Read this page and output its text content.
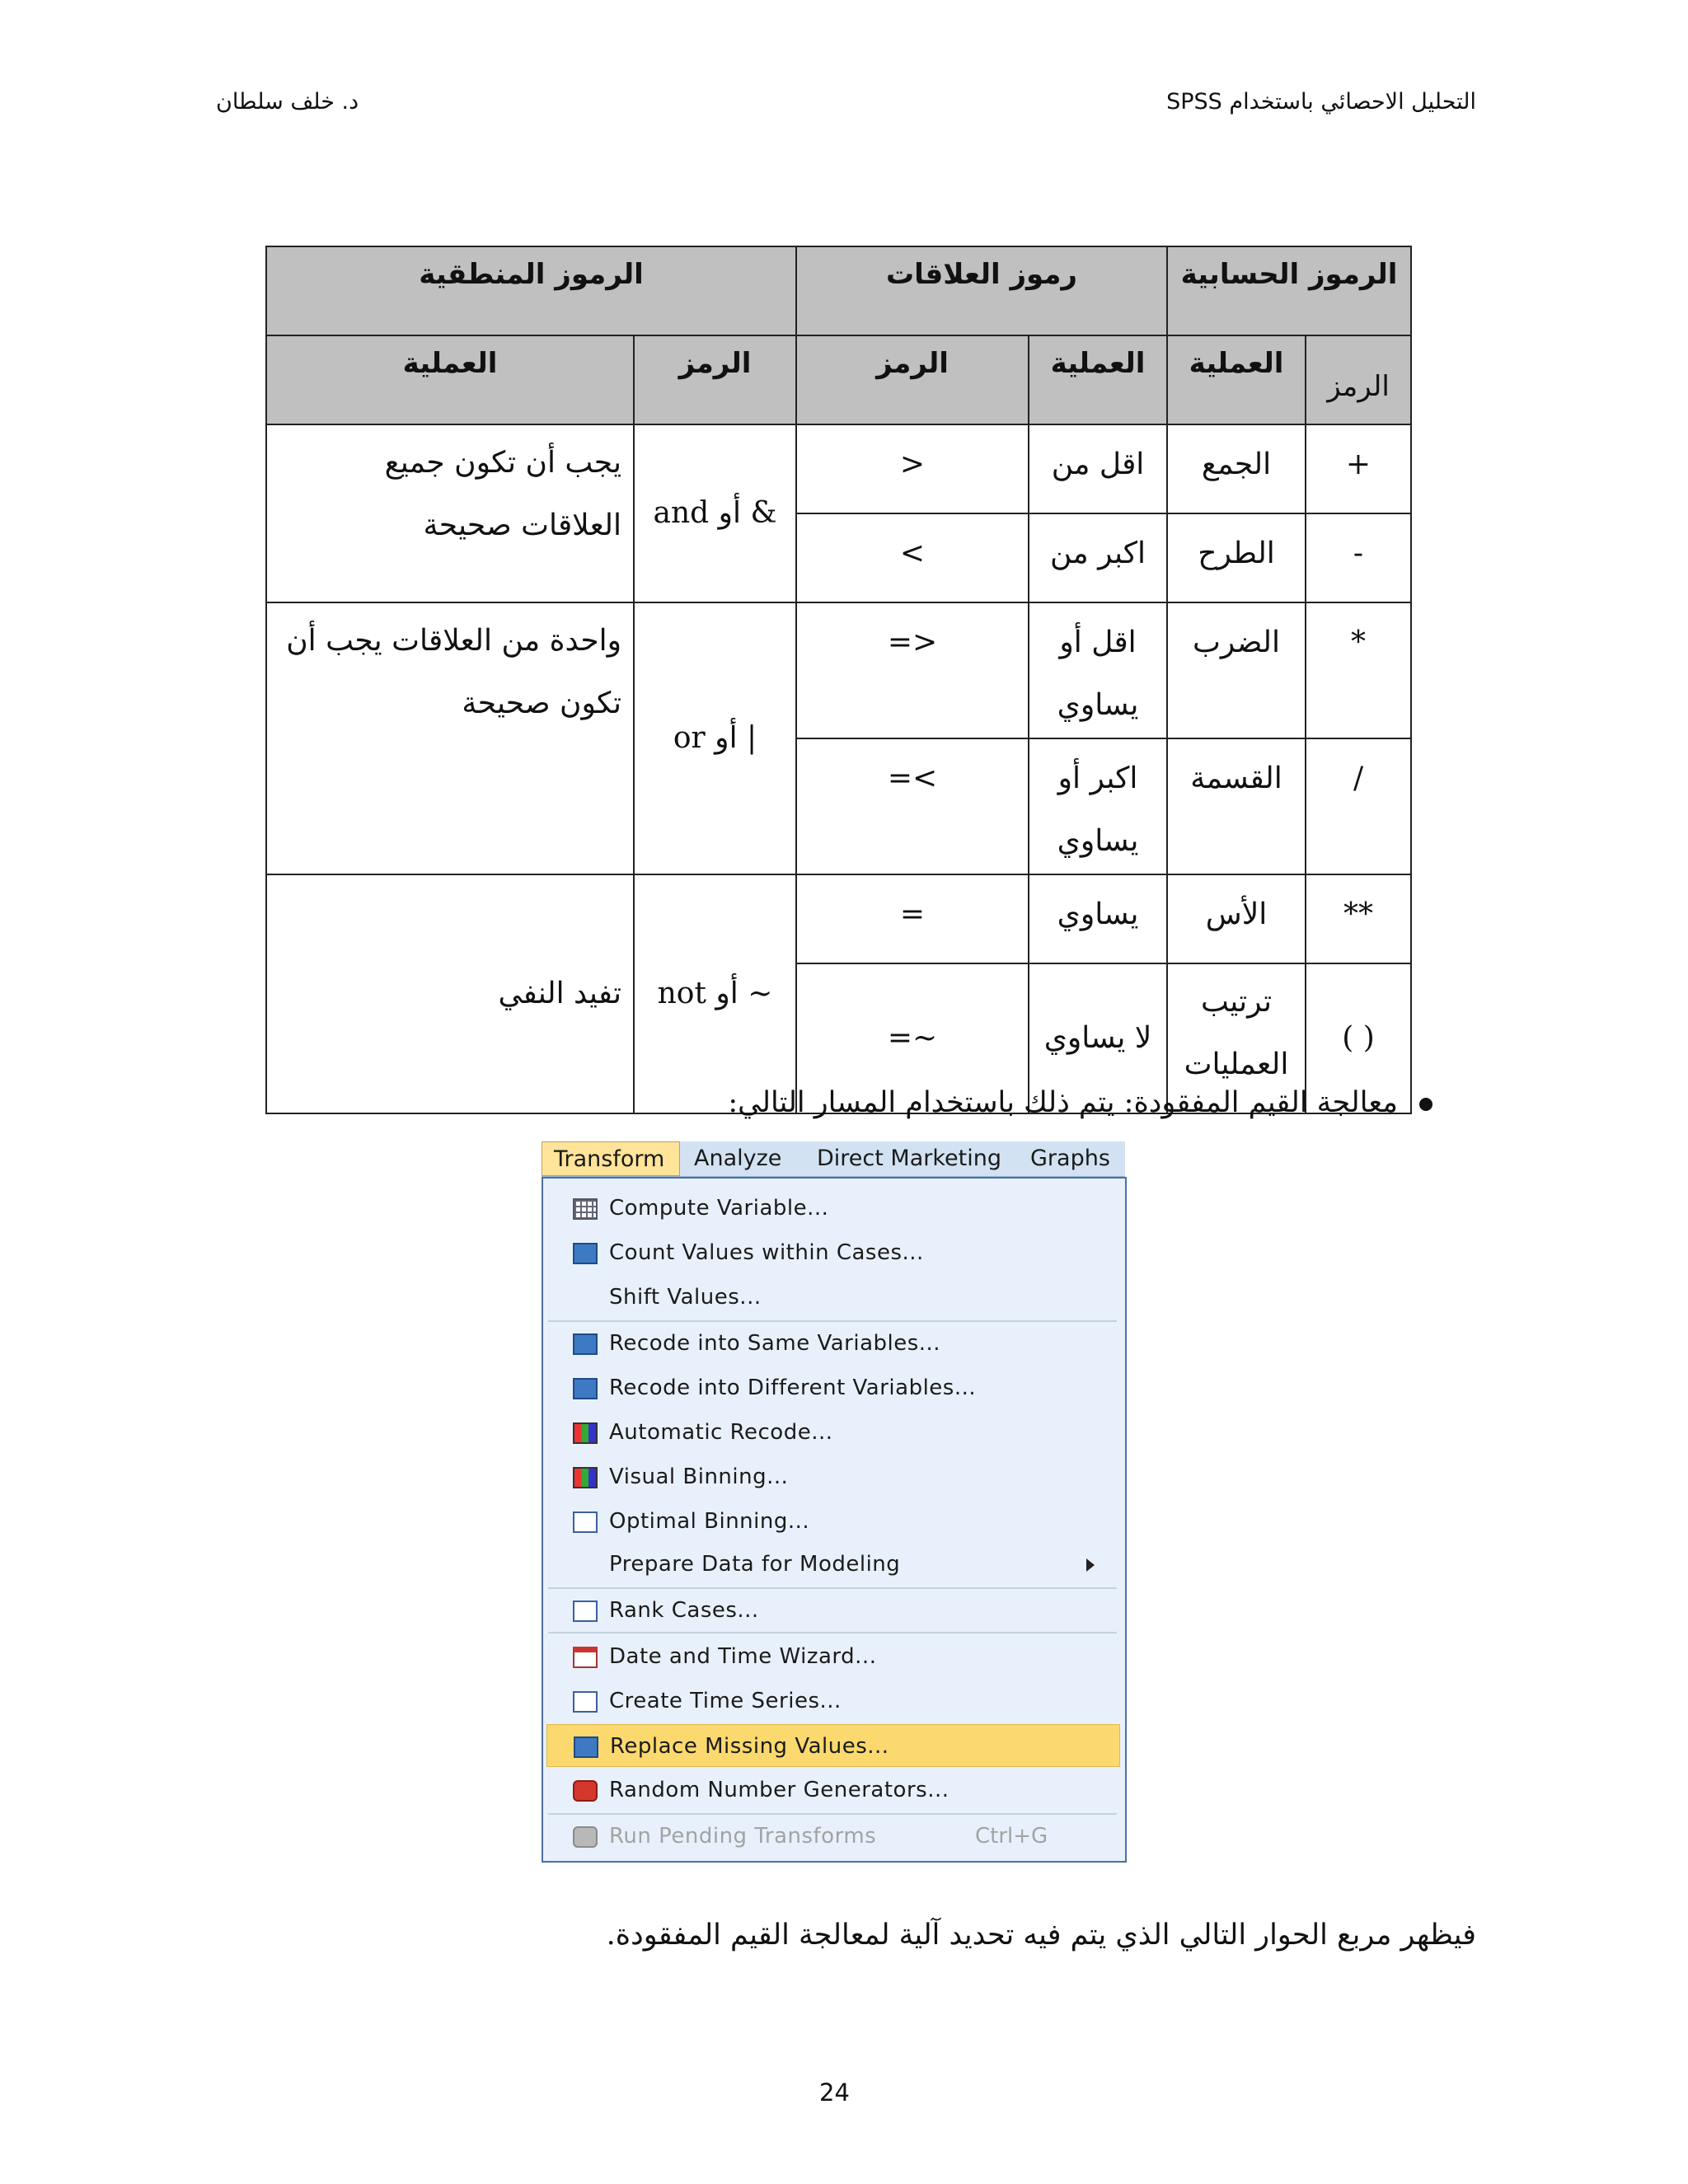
د. خلف سلطان	التحليل الاحصائي باستخدام SPSS
الرموز الحسابية		رموز العلاقات		الرموز المنطقية	
الرمز	العملية	العملية	الرمز	الرمز	العملية
+	الجمع	اقل من	<	& أو and	يجب أن تكون جميع العلاقات صحيحة
-	الطرح	اكبر من	>		
*	الضرب	اقل أو يساوي	<=	| أو or	واحدة من العلاقات يجب أن تكون صحيحة
/	القسمة	اكبر أو يساوي	>=		
**	الأس	يساوي	=	~ أو not	تفيد النفي
( )	ترتيب العمليات	لا يساوي	~=		
معالجة القيم المفقودة: يتم ذلك باستخدام المسار التالي:
Transform	Analyze Direct Marketing Graphs
Compute Variable...
Count Values within Cases...
Shift Values...
Recode into Same Variables...
Recode into Different Variables...
Automatic Recode...
Visual Binning...
Optimal Binning...
Prepare Data for Modeling
Rank Cases...
Date and Time Wizard...
Create Time Series...
Replace Missing Values...
Random Number Generators...
Run Pending Transforms	Ctrl+G
فيظهر مربع الحوار التالي الذي يتم فيه تحديد آلية لمعالجة القيم المفقودة.
24
